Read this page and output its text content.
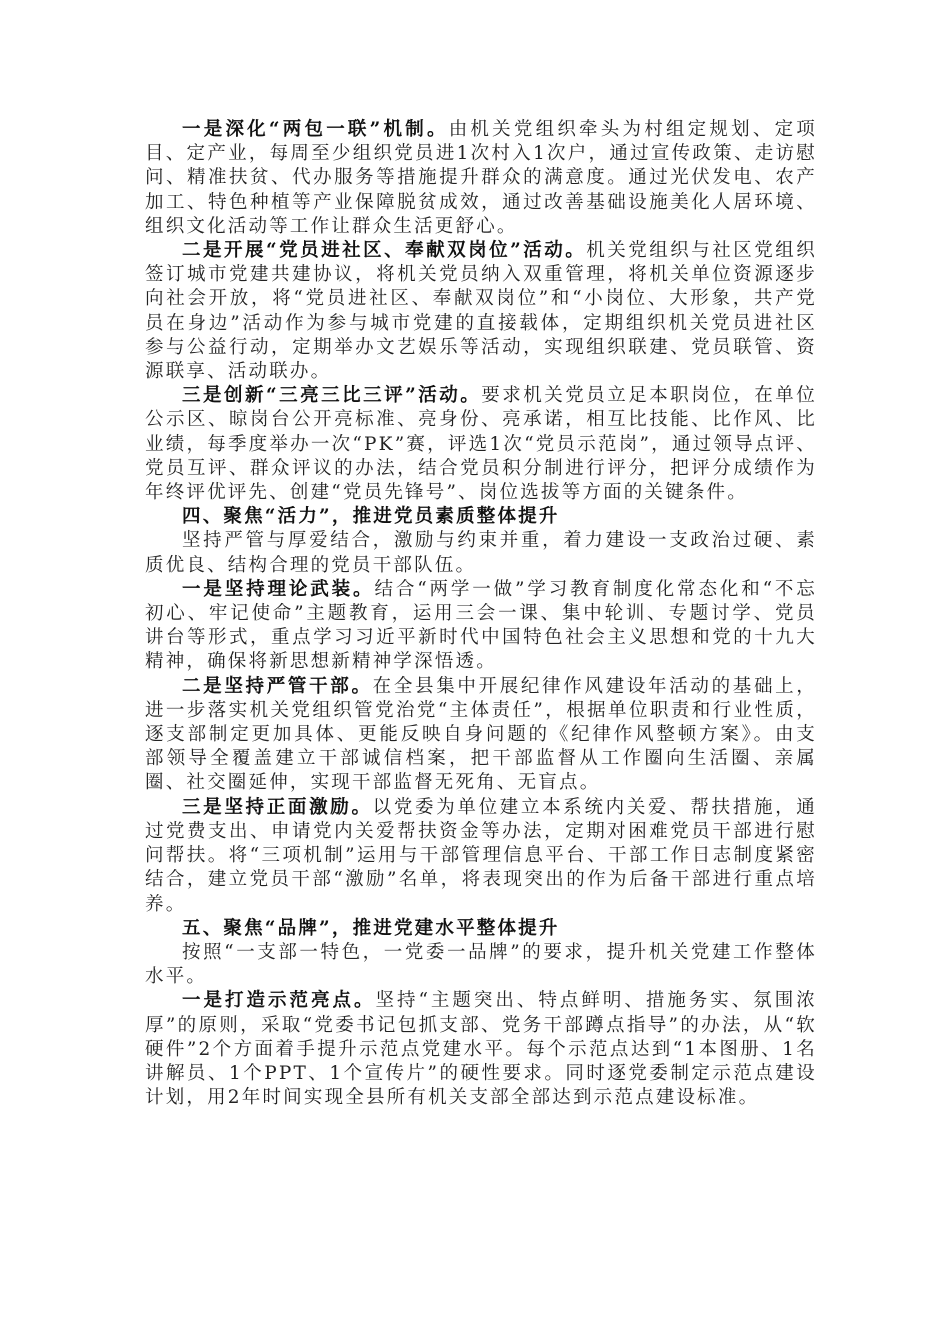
一是深化“两包一联”机制。由机关党组织牵头为村组定规划、定项目、定产业，每周至少组织党员进1次村入1次户，通过宣传政策、走访慰问、精准扶贫、代办服务等措施提升群众的满意度。通过光伏发电、农产加工、特色种植等产业保障脱贫成效，通过改善基础设施美化人居环境、组织文化活动等工作让群众生活更舒心。

二是开展“党员进社区、奉献双岗位”活动。机关党组织与社区党组织签订城市党建共建协议，将机关党员纳入双重管理，将机关单位资源逐步向社会开放，将“党员进社区、奉献双岗位”和“小岗位、大形象，共产党员在身边”活动作为参与城市党建的直接载体，定期组织机关党员进社区参与公益行动，定期举办文艺娱乐等活动，实现组织联建、党员联管、资源联享、活动联办。

三是创新“三亮三比三评”活动。要求机关党员立足本职岗位，在单位公示区、晾岗台公开亮标准、亮身份、亮承诺，相互比技能、比作风、比业绩，每季度举办一次“PK”赛，评选1次“党员示范岗”，通过领导点评、党员互评、群众评议的办法，结合党员积分制进行评分，把评分成绩作为年终评优评先、创建“党员先锋号”、岗位选拔等方面的关键条件。

四、聚焦“活力”，推进党员素质整体提升

坚持严管与厚爱结合，激励与约束并重，着力建设一支政治过硬、素质优良、结构合理的党员干部队伍。

一是坚持理论武装。结合“两学一做”学习教育制度化常态化和“不忘初心、牢记使命”主题教育，运用三会一课、集中轮训、专题讨学、党员讲台等形式，重点学习习近平新时代中国特色社会主义思想和党的十九大精神，确保将新思想新精神学深悟透。

二是坚持严管干部。在全县集中开展纪律作风建设年活动的基础上，进一步落实机关党组织管党治党“主体责任”，根据单位职责和行业性质，逐支部制定更加具体、更能反映自身问题的《纪律作风整顿方案》。由支部领导全覆盖建立干部诚信档案，把干部监督从工作圈向生活圈、亲属圈、社交圈延伸，实现干部监督无死角、无盲点。

三是坚持正面激励。以党委为单位建立本系统内关爱、帮扶措施，通过党费支出、申请党内关爱帮扶资金等办法，定期对困难党员干部进行慰问帮扶。将“三项机制”运用与干部管理信息平台、干部工作日志制度紧密结合，建立党员干部“激励”名单，将表现突出的作为后备干部进行重点培养。

五、聚焦“品牌”，推进党建水平整体提升

按照“一支部一特色，一党委一品牌”的要求，提升机关党建工作整体水平。

一是打造示范亮点。坚持“主题突出、特点鲜明、措施务实、氛围浓厚”的原则，采取“党委书记包抓支部、党务干部蹲点指导”的办法，从“软硬件”2个方面着手提升示范点党建水平。每个示范点达到“1本图册、1名讲解员、1个PPT、1个宣传片”的硬性要求。同时逐党委制定示范点建设计划，用2年时间实现全县所有机关支部全部达到示范点建设标准。
